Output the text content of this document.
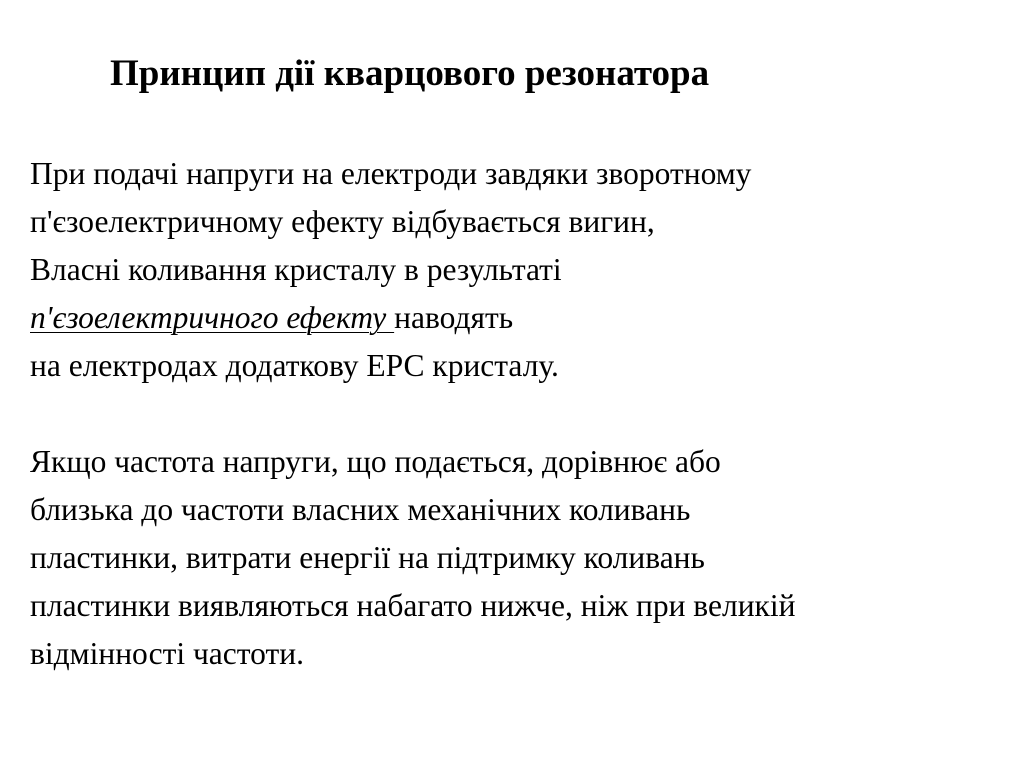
Принцип дії кварцового резонатора
При подачі напруги на електроди завдяки зворотному
п'єзоелектричному ефекту відбувається вигин,
Власні коливання кристалу в результаті
п'єзоелектричного ефекту наводять
на електродах додаткову ЕРС кристалу.
Якщо частота напруги, що подається, дорівнює або
близька до частоти власних механічних коливань
пластинки, витрати енергії на підтримку коливань
пластинки виявляються набагато нижче, ніж при великій
відмінності частоти.
